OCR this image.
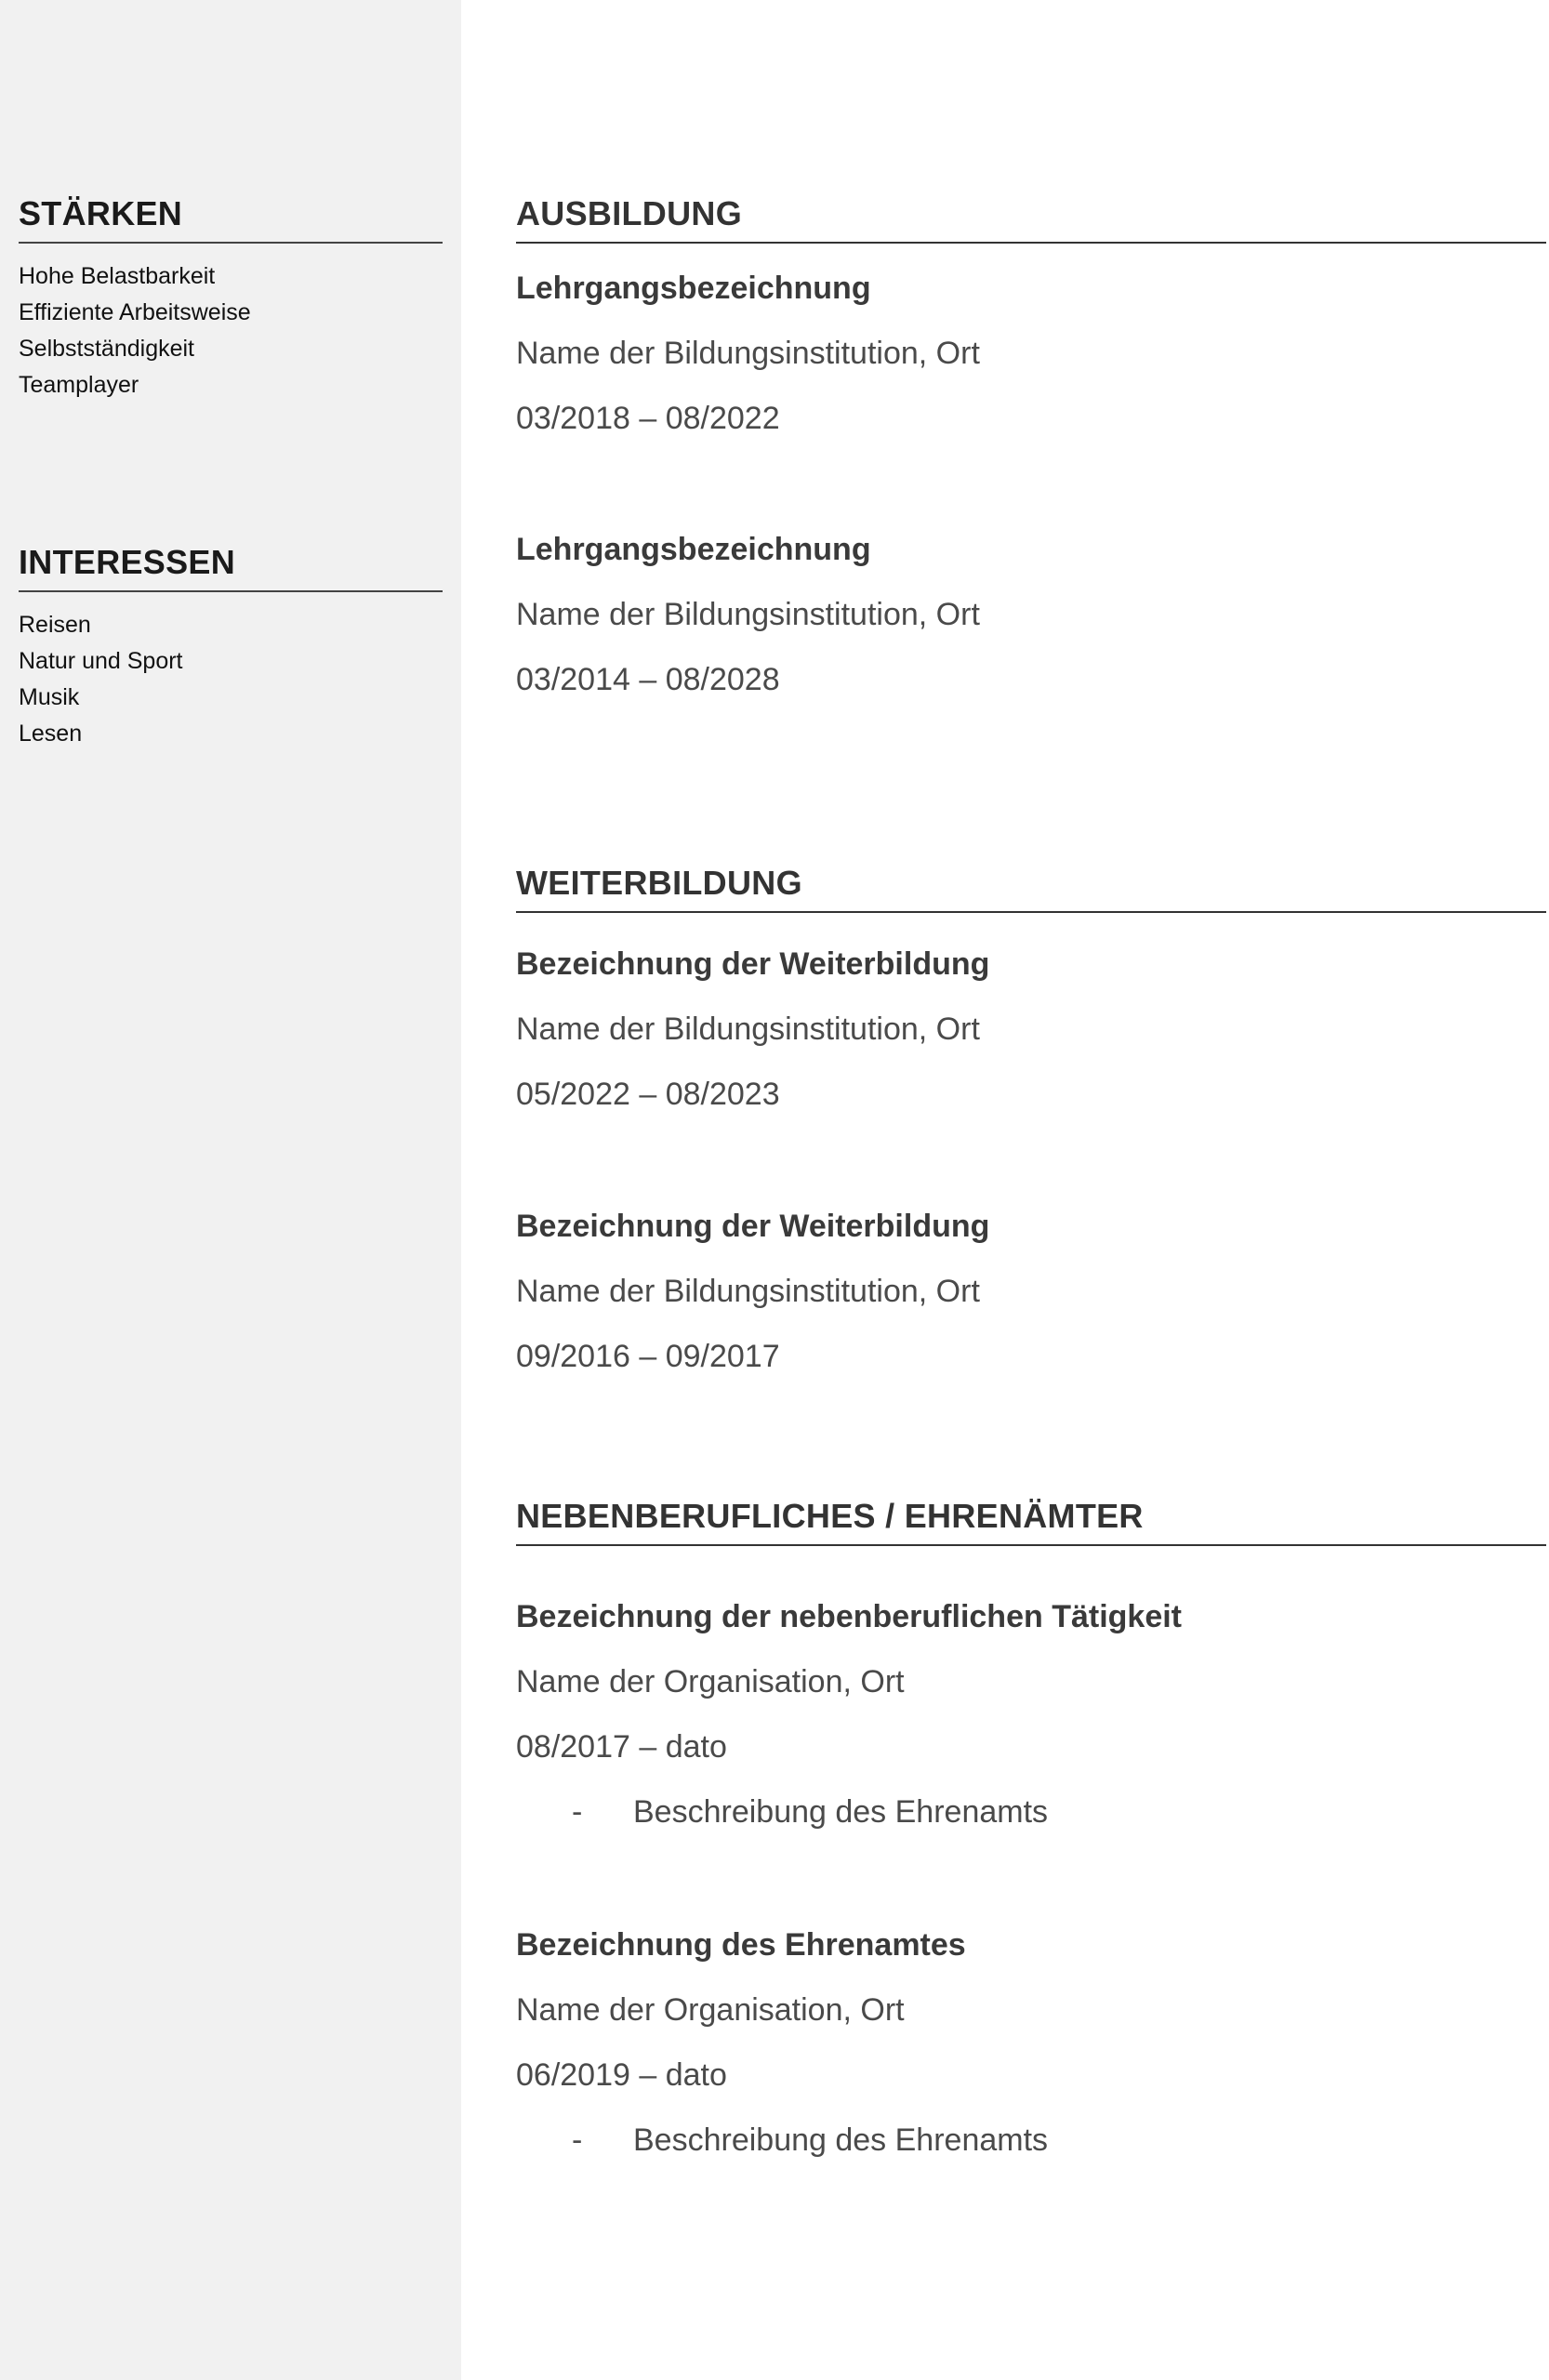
STÄRKEN
Hohe Belastbarkeit
Effiziente Arbeitsweise
Selbstständigkeit
Teamplayer
INTERESSEN
Reisen
Natur und Sport
Musik
Lesen
AUSBILDUNG
Lehrgangsbezeichnung
Name der Bildungsinstitution, Ort
03/2018 – 08/2022
Lehrgangsbezeichnung
Name der Bildungsinstitution, Ort
03/2014 – 08/2028
WEITERBILDUNG
Bezeichnung der Weiterbildung
Name der Bildungsinstitution, Ort
05/2022 – 08/2023
Bezeichnung der Weiterbildung
Name der Bildungsinstitution, Ort
09/2016 – 09/2017
NEBENBERUFLICHES / EHRENÄMTER
Bezeichnung der nebenberuflichen Tätigkeit
Name der Organisation, Ort
08/2017 – dato
-	Beschreibung des Ehrenamts
Bezeichnung des Ehrenamtes
Name der Organisation, Ort
06/2019 – dato
-	Beschreibung des Ehrenamts
